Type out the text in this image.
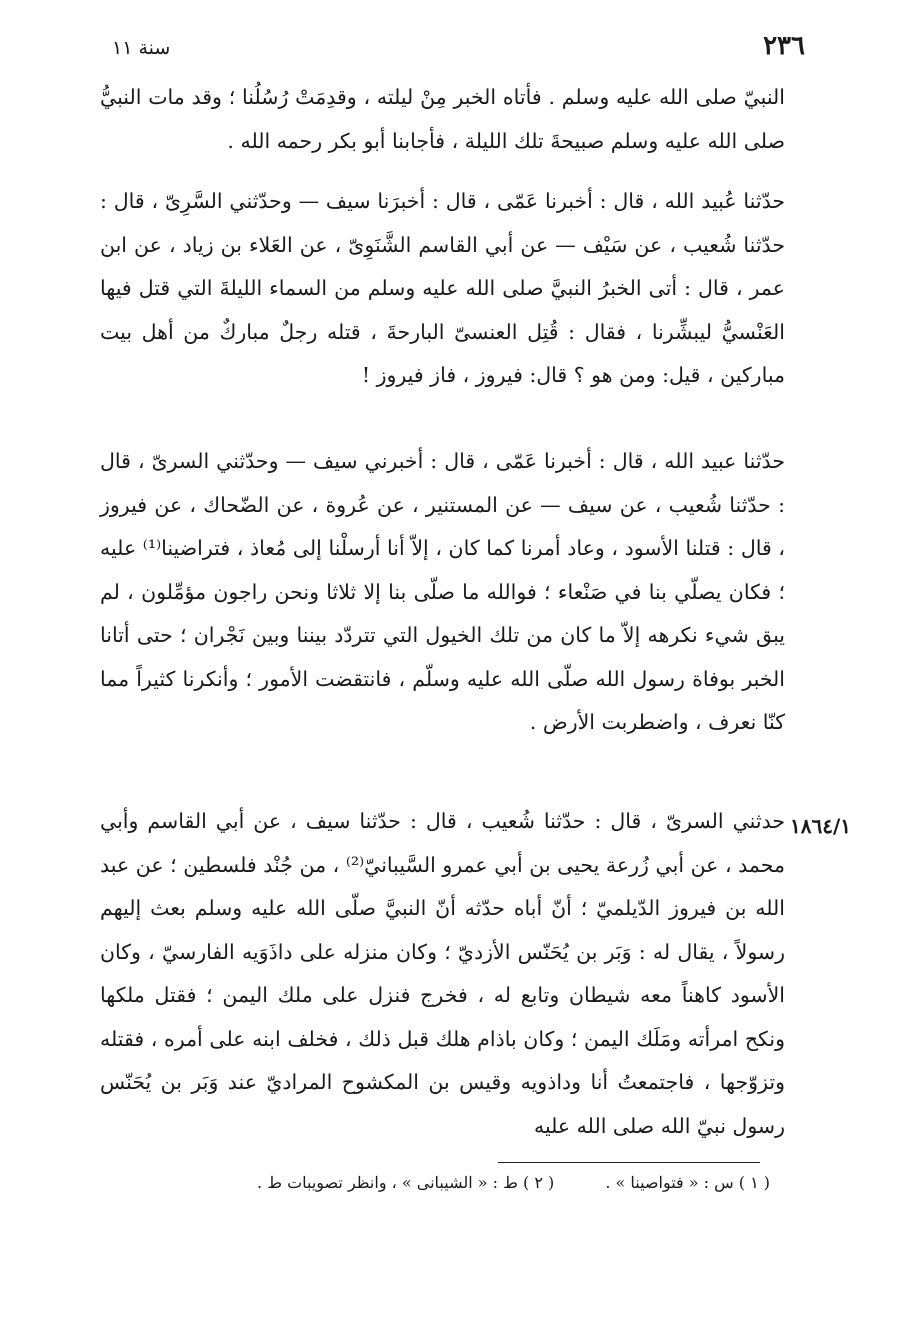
٢٣٦
سنة ١١

النبيّ صلى الله عليه وسلم . فأتاه الخبر مِنْ ليلته ، وقدِمَتْ رُسُلُنا ؛ وقد مات النبيُّ صلى الله عليه وسلم صبيحةَ تلك الليلة ، فأجابنا أبو بكر رحمه الله .

حدّثنا عُبيد الله ، قال : أخبرنا عَمّى ، قال : أخبرَنا سيف — وحدّثني السَّرِىّ ، قال : حدّثنا شُعيب ، عن سَيْف — عن أبي القاسم الشَّنَوِىّ ، عن العَلاء بن زياد ، عن ابن عمر ، قال : أتى الخبرُ النبيَّ صلى الله عليه وسلم من السماء الليلةَ التي قتل فيها العَنْسيُّ ليبشِّرنا ، فقال : قُتِل العنسىّ البارحةَ ، قتله رجلٌ مباركٌ من أهل بيت مباركين ، قيل: ومن هو ؟ قال: فيروز ، فاز فيروز !

حدّثنا عبيد الله ، قال : أخبرنا عَمّى ، قال : أخبرني سيف — وحدّثني السرىّ ، قال : حدّثنا شُعيب ، عن سيف — عن المستنير ، عن عُروة ، عن الضّحاك ، عن فيروز ، قال : قتلنا الأسود ، وعاد أمرنا كما كان ، إلاّ أنا أرسلْنا إلى مُعاذ ، فتراضينا⁽¹⁾ عليه ؛ فكان يصلّي بنا في صَنْعاء ؛ فوالله ما صلّى بنا إلا ثلاثا ونحن راجون مؤمِّلون ، لم يبق شيء نكرهه إلاّ ما كان من تلك الخيول التي تتردّد بيننا وبين نَجْران ؛ حتى أتانا الخبر بوفاة رسول الله صلّى الله عليه وسلّم ، فانتقضت الأمور ؛ وأنكرنا كثيراً مما كنّا نعرف ، واضطربت الأرض .

١٨٦٤/١

حدثني السرىّ ، قال : حدّثنا شُعيب ، قال : حدّثنا سيف ، عن أبي القاسم وأبي محمد ، عن أبي زُرعة يحيى بن أبي عمرو السَّيبانيّ⁽²⁾ ، من جُنْد فلسطين ؛ عن عبد الله بن فيروز الدّيلميّ ؛ أنّ أباه حدّثه أنّ النبيَّ صلّى الله عليه وسلم بعث إليهم رسولاً ، يقال له : وَبَر بن يُحَنّس الأزديّ ؛ وكان منزله على داذَوَيه الفارسيّ ، وكان الأسود كاهناً معه شيطان وتابع له ، فخرج فنزل على ملك اليمن ؛ فقتل ملكها ونكح امرأته ومَلَك اليمن ؛ وكان باذام هلك قبل ذلك ، فخلف ابنه على أمره ، فقتله وتزوّجها ، فاجتمعتُ أنا وداذويه وقيس بن المكشوح المراديّ عند وَبَر بن يُحَنّس رسول نبيّ الله صلى الله عليه

( ١ ) س : « فتواصينا » . ( ٢ ) ط : « الشيبانى » ، وانظر تصويبات ط .
